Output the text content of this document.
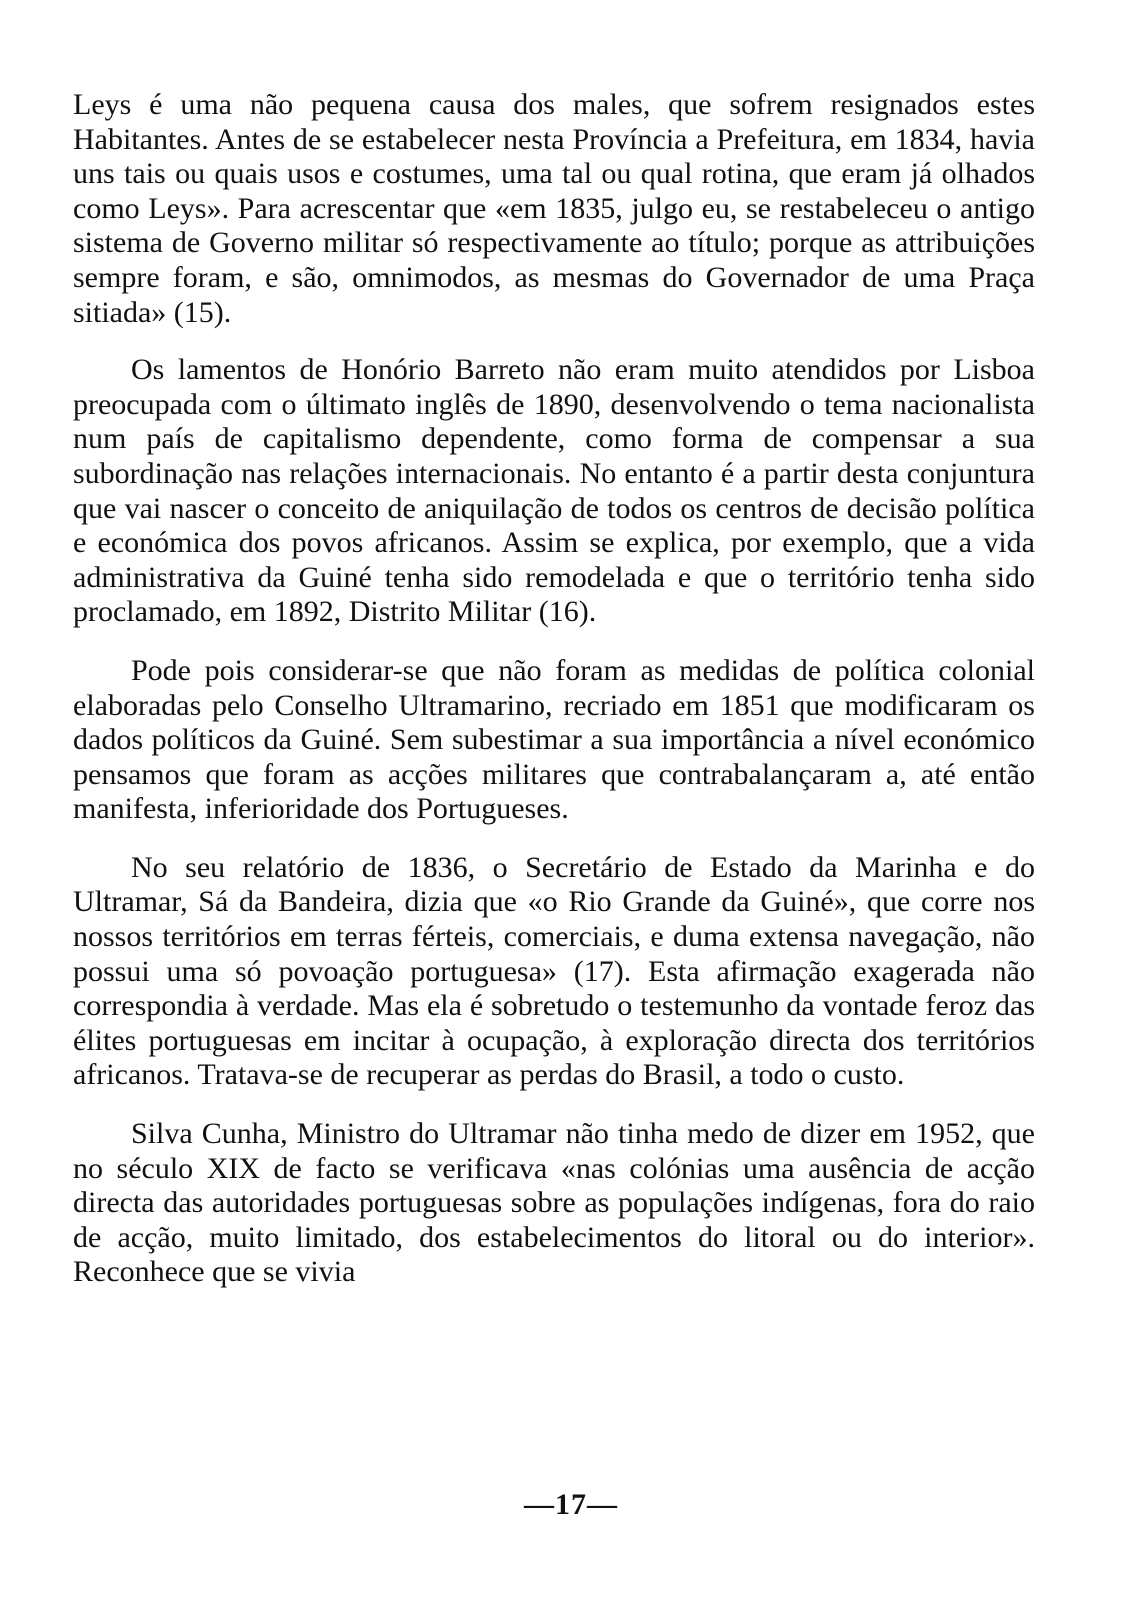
Leys é uma não pequena causa dos males, que sofrem resignados estes Habitantes. Antes de se estabelecer nesta Província a Prefeitura, em 1834, havia uns tais ou quais usos e costumes, uma tal ou qual rotina, que eram já olhados como Leys». Para acrescentar que «em 1835, julgo eu, se restabeleceu o antigo sistema de Governo militar só respectivamente ao título; porque as attribuições sempre foram, e são, omnimodos, as mesmas do Governador de uma Praça sitiada» (15).

Os lamentos de Honório Barreto não eram muito atendidos por Lisboa preocupada com o últimato inglês de 1890, desenvolvendo o tema nacionalista num país de capitalismo dependente, como forma de compensar a sua subordinação nas relações internacionais. No entanto é a partir desta conjuntura que vai nascer o conceito de aniquilação de todos os centros de decisão política e económica dos povos africanos. Assim se explica, por exemplo, que a vida administrativa da Guiné tenha sido remodelada e que o território tenha sido proclamado, em 1892, Distrito Militar (16).

Pode pois considerar-se que não foram as medidas de política colonial elaboradas pelo Conselho Ultramarino, recriado em 1851 que modificaram os dados políticos da Guiné. Sem subestimar a sua importância a nível económico pensamos que foram as acções militares que contrabalançaram a, até então manifesta, inferioridade dos Portugueses.

No seu relatório de 1836, o Secretário de Estado da Marinha e do Ultramar, Sá da Bandeira, dizia que «o Rio Grande da Guiné», que corre nos nossos territórios em terras férteis, comerciais, e duma extensa navegação, não possui uma só povoação portuguesa» (17). Esta afirmação exagerada não correspondia à verdade. Mas ela é sobretudo o testemunho da vontade feroz das élites portuguesas em incitar à ocupação, à exploração directa dos territórios africanos. Tratava-se de recuperar as perdas do Brasil, a todo o custo.

Silva Cunha, Ministro do Ultramar não tinha medo de dizer em 1952, que no século XIX de facto se verificava «nas colónias uma ausência de acção directa das autoridades portuguesas sobre as populações indígenas, fora do raio de acção, muito limitado, dos estabelecimentos do litoral ou do interior». Reconhece que se vivia

—17—
